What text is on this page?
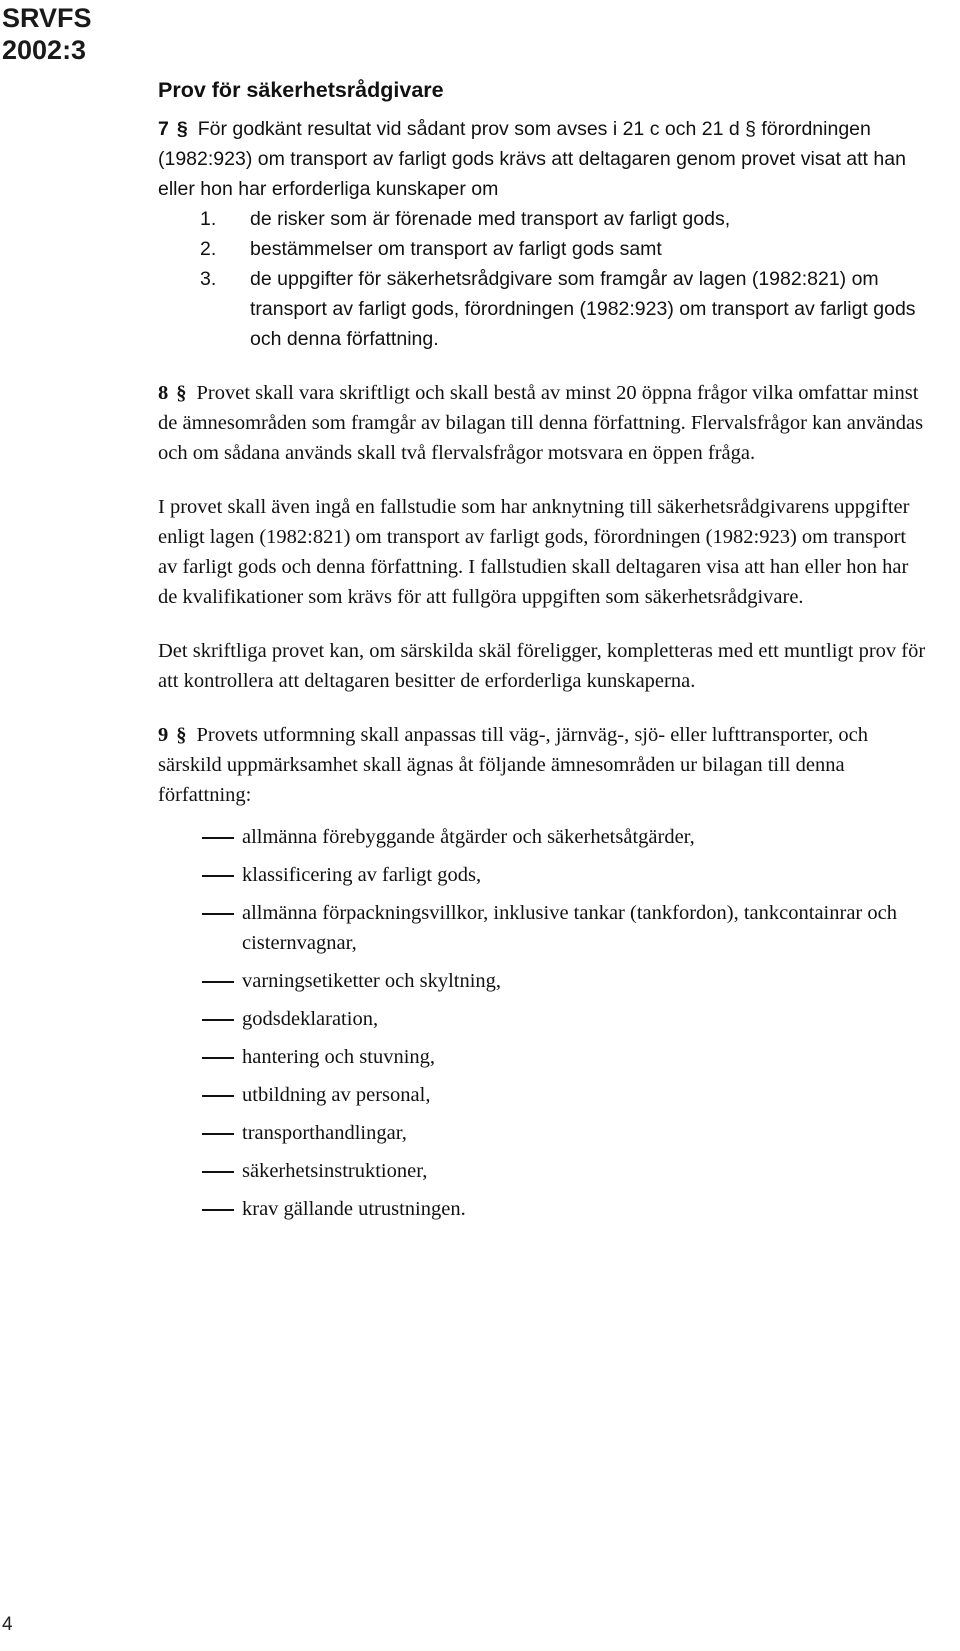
SRVFS
2002:3
Prov för säkerhetsrådgivare

7 § För godkänt resultat vid sådant prov som avses i 21 c och 21 d § förordningen (1982:923) om transport av farligt gods krävs att deltagaren genom provet visat att han eller hon har erforderliga kunskaper om

1.	de risker som är förenade med transport av farligt gods,
2.	bestämmelser om transport av farligt gods samt
3.	de uppgifter för säkerhetsrådgivare som framgår av lagen (1982:821) om transport av farligt gods, förordningen (1982:923) om transport av farligt gods och denna författning.

8 § Provet skall vara skriftligt och skall bestå av minst 20 öppna frågor vilka omfattar minst de ämnesområden som framgår av bilagan till denna författning. Flervalsfrågor kan användas och om sådana används skall två flervalsfrågor motsvara en öppen fråga.

I provet skall även ingå en fallstudie som har anknytning till säkerhetsrådgivarens uppgifter enligt lagen (1982:821) om transport av farligt gods, förordningen (1982:923) om transport av farligt gods och denna författning. I fallstudien skall deltagaren visa att han eller hon har de kvalifikationer som krävs för att fullgöra uppgiften som säkerhetsrådgivare.

Det skriftliga provet kan, om särskilda skäl föreligger, kompletteras med ett muntligt prov för att kontrollera att deltagaren besitter de erforderliga kunskaperna.

9 § Provets utformning skall anpassas till väg-, järnväg-, sjö- eller lufttransporter, och särskild uppmärksamhet skall ägnas åt följande ämnesområden ur bilagan till denna författning:

allmänna förebyggande åtgärder och säkerhetsåtgärder,
klassificering av farligt gods,
allmänna förpackningsvillkor, inklusive tankar (tankfordon), tankcontainrar och cisternvagnar,
varningsetiketter och skyltning,
godsdeklaration,
hantering och stuvning,
utbildning av personal,
transporthandlingar,
säkerhetsinstruktioner,
krav gällande utrustningen.
4
